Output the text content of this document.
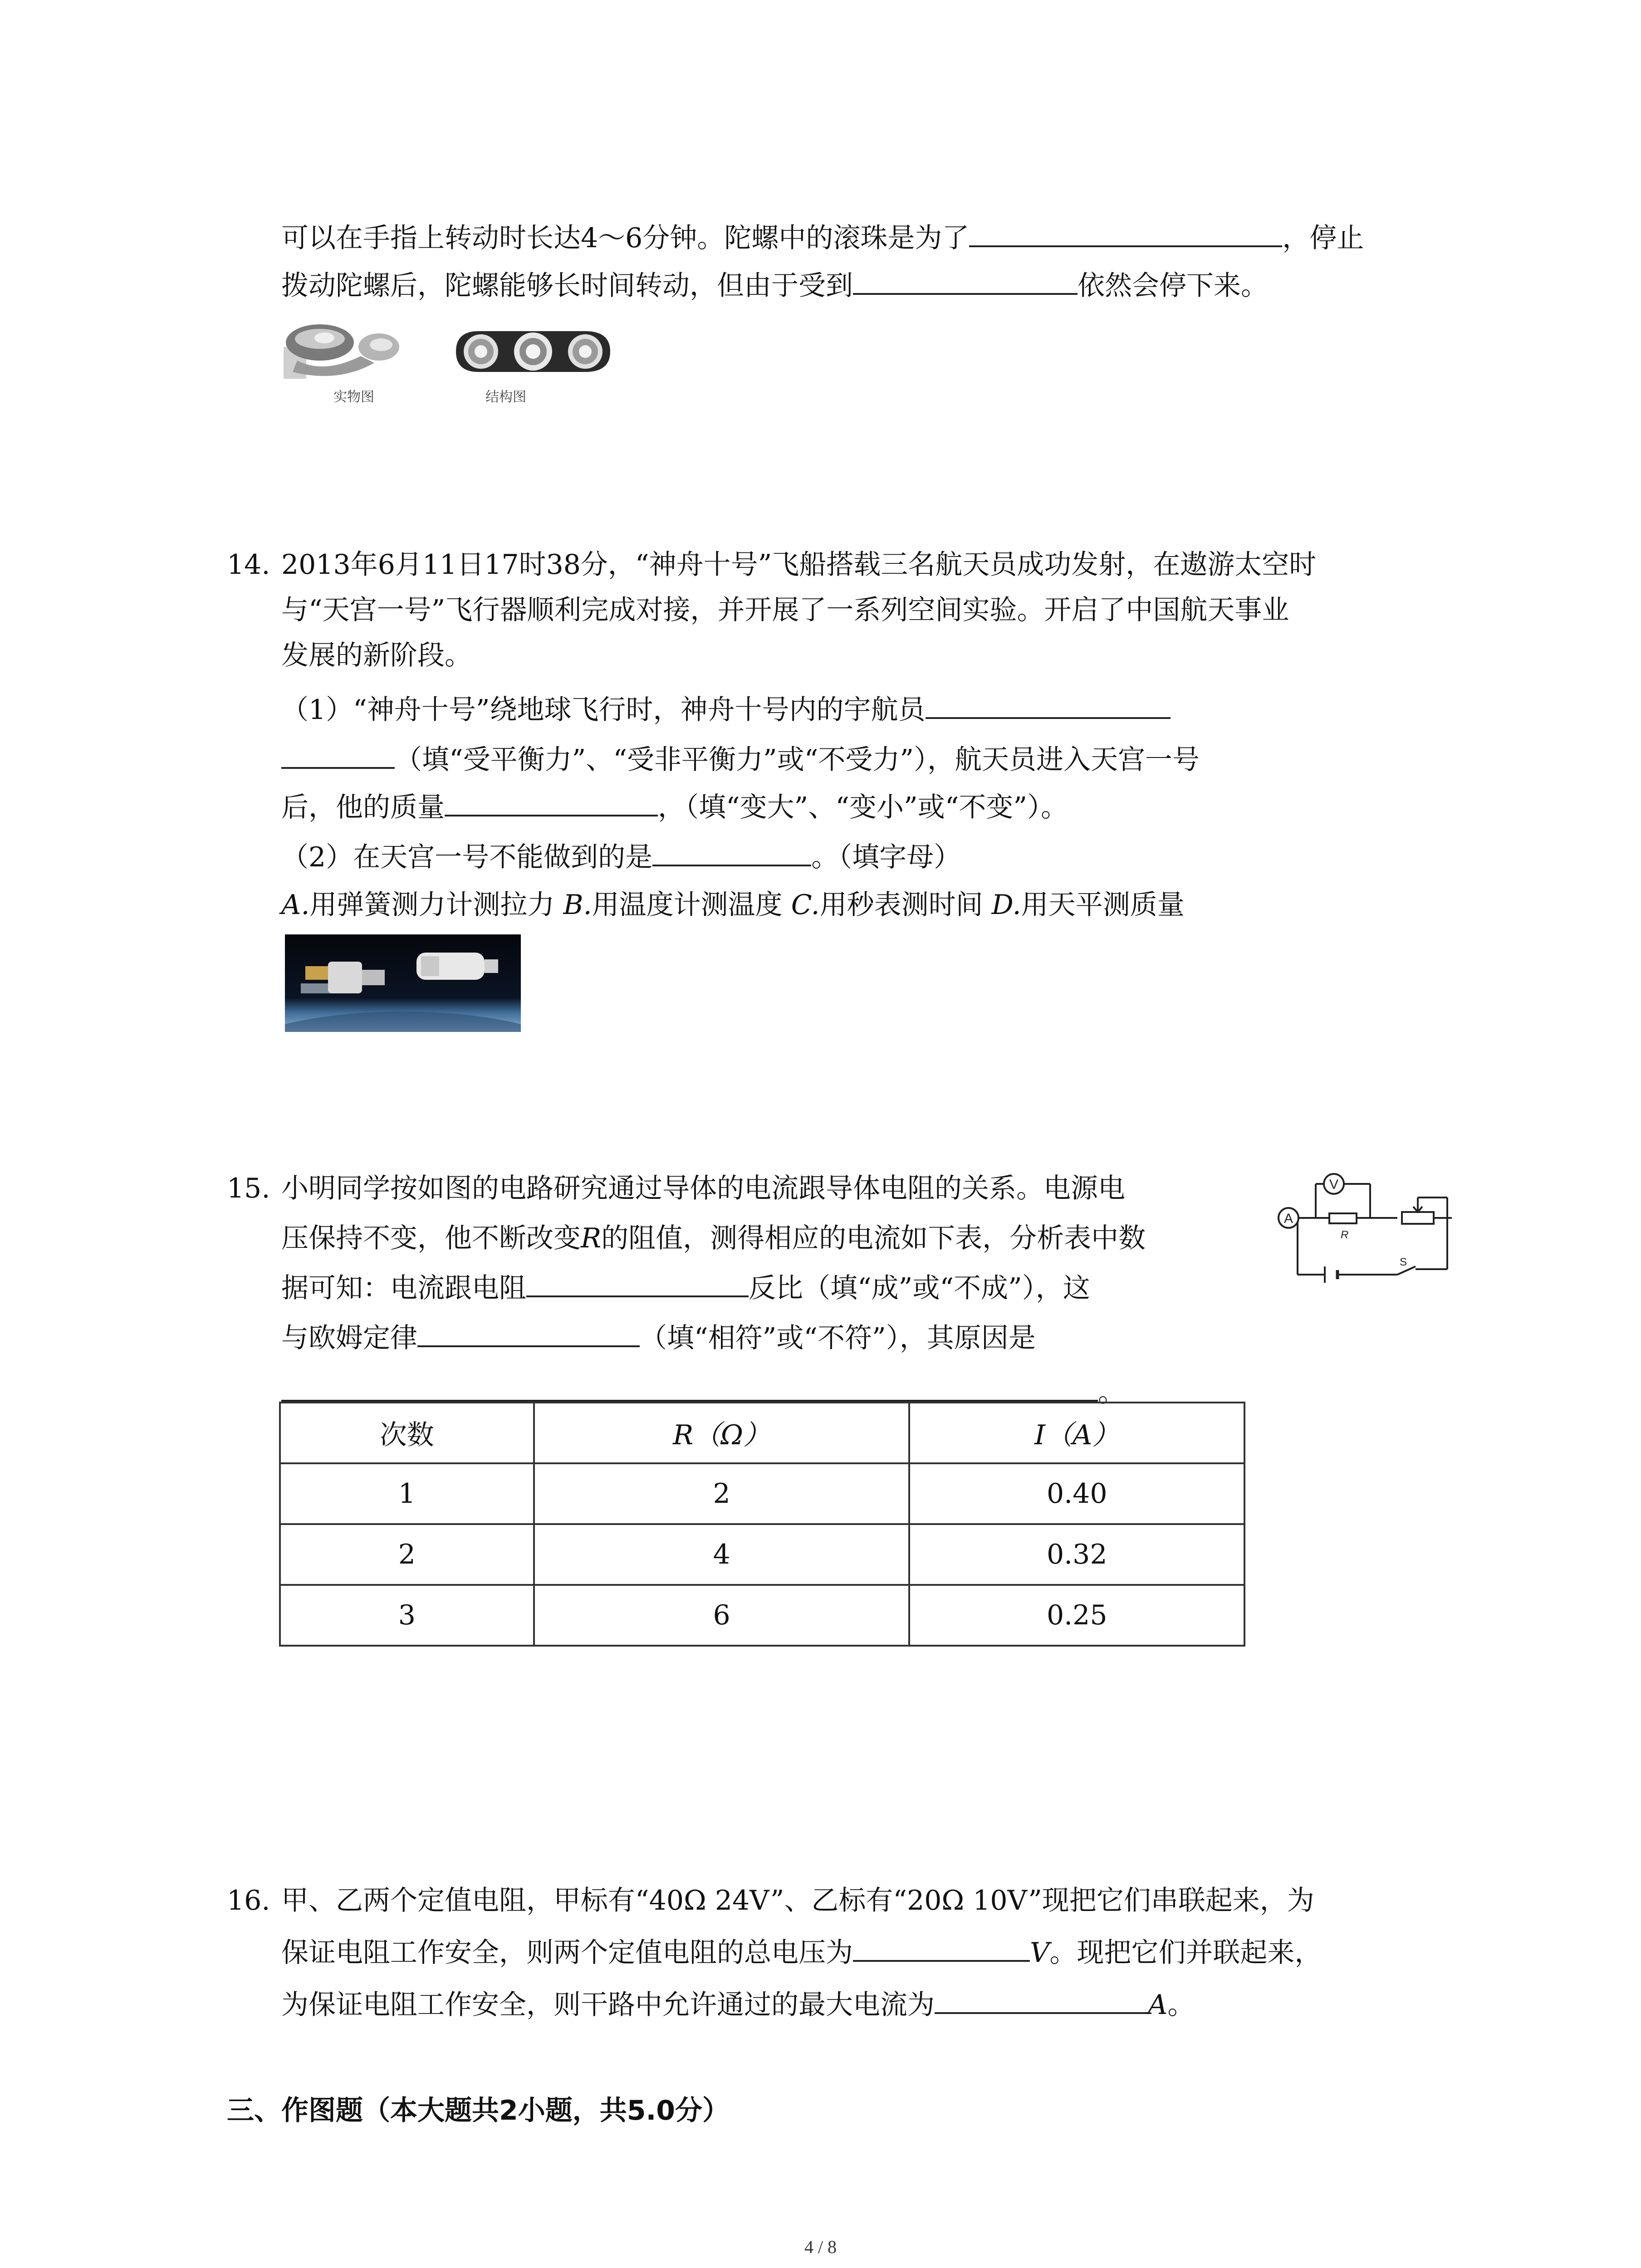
可以在手指上转动时长达4～6分钟。陀螺中的滚珠是为了	，停止
拨动陀螺后，陀螺能够长时间转动，但由于受到	依然会停下来。
实物图	结构图
14. 2013年6月11日17时38分，“神舟十号”飞船搭载三名航天员成功发射，在遨游太空时
与“天宫一号”飞行器顺利完成对接，并开展了一系列空间实验。开启了中国航天事业
发展的新阶段。
（1）“神舟十号”绕地球飞行时，神舟十号内的宇航员
（填“受平衡力”、“受非平衡力”或“不受力”），航天员进入天宫一号
后，他的质量	，（填“变大”、“变小”或“不变”）。
（2）在天宫一号不能做到的是	。（填字母）
A.用弹簧测力计测拉力 B.用温度计测温度 C.用秒表测时间 D.用天平测质量
15. 小明同学按如图的电路研究通过导体的电流跟导体电阻的关系。电源电
压保持不变，他不断改变R的阻值，测得相应的电流如下表，分析表中数
据可知：电流跟电阻	反比（填“成”或“不成”），这
与欧姆定律	（填“相符”或“不符”），其原因是
。
A
V
R
S
次数	R（Ω）	I（A）
1	2	0.40
2	4	0.32
3	6	0.25
16. 甲、乙两个定值电阻，甲标有“40Ω 24V”、乙标有“20Ω 10V”现把它们串联起来，为
保证电阻工作安全，则两个定值电阻的总电压为	V。现把它们并联起来，
为保证电阻工作安全，则干路中允许通过的最大电流为	A。
三、作图题（本大题共2小题，共5.0分）
4 / 8
